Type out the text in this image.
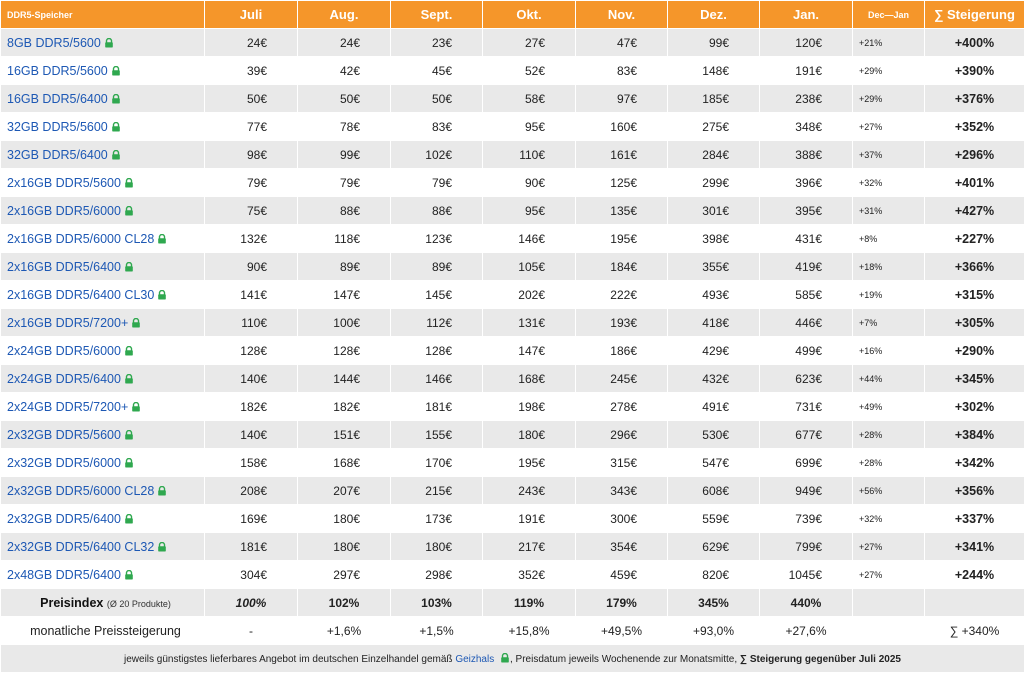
DDR5-Speicher	Juli	Aug.	Sept.	Okt.	Nov.	Dez.	Jan.	Dec—Jan	∑ Steigerung
8GB DDR5/5600	24€	24€	23€	27€	47€	99€	120€	+21%	+400%
16GB DDR5/5600	39€	42€	45€	52€	83€	148€	191€	+29%	+390%
16GB DDR5/6400	50€	50€	50€	58€	97€	185€	238€	+29%	+376%
32GB DDR5/5600	77€	78€	83€	95€	160€	275€	348€	+27%	+352%
32GB DDR5/6400	98€	99€	102€	110€	161€	284€	388€	+37%	+296%
2x16GB DDR5/5600	79€	79€	79€	90€	125€	299€	396€	+32%	+401%
2x16GB DDR5/6000	75€	88€	88€	95€	135€	301€	395€	+31%	+427%
2x16GB DDR5/6000 CL28	132€	118€	123€	146€	195€	398€	431€	+8%	+227%
2x16GB DDR5/6400	90€	89€	89€	105€	184€	355€	419€	+18%	+366%
2x16GB DDR5/6400 CL30	141€	147€	145€	202€	222€	493€	585€	+19%	+315%
2x16GB DDR5/7200+	110€	100€	112€	131€	193€	418€	446€	+7%	+305%
2x24GB DDR5/6000	128€	128€	128€	147€	186€	429€	499€	+16%	+290%
2x24GB DDR5/6400	140€	144€	146€	168€	245€	432€	623€	+44%	+345%
2x24GB DDR5/7200+	182€	182€	181€	198€	278€	491€	731€	+49%	+302%
2x32GB DDR5/5600	140€	151€	155€	180€	296€	530€	677€	+28%	+384%
2x32GB DDR5/6000	158€	168€	170€	195€	315€	547€	699€	+28%	+342%
2x32GB DDR5/6000 CL28	208€	207€	215€	243€	343€	608€	949€	+56%	+356%
2x32GB DDR5/6400	169€	180€	173€	191€	300€	559€	739€	+32%	+337%
2x32GB DDR5/6400 CL32	181€	180€	180€	217€	354€	629€	799€	+27%	+341%
2x48GB DDR5/6400	304€	297€	298€	352€	459€	820€	1045€	+27%	+244%
Preisindex (Ø 20 Produkte)	100%	102%	103%	119%	179%	345%	440%		
monatliche Preissteigerung	-	+1,6%	+1,5%	+15,8%	+49,5%	+93,0%	+27,6%		∑ +340%
jeweils günstigstes lieferbares Angebot im deutschen Einzelhandel gemäß Geizhals , Preisdatum jeweils Wochenende zur Monatsmitte, ∑ Steigerung gegenüber Juli 2025									
